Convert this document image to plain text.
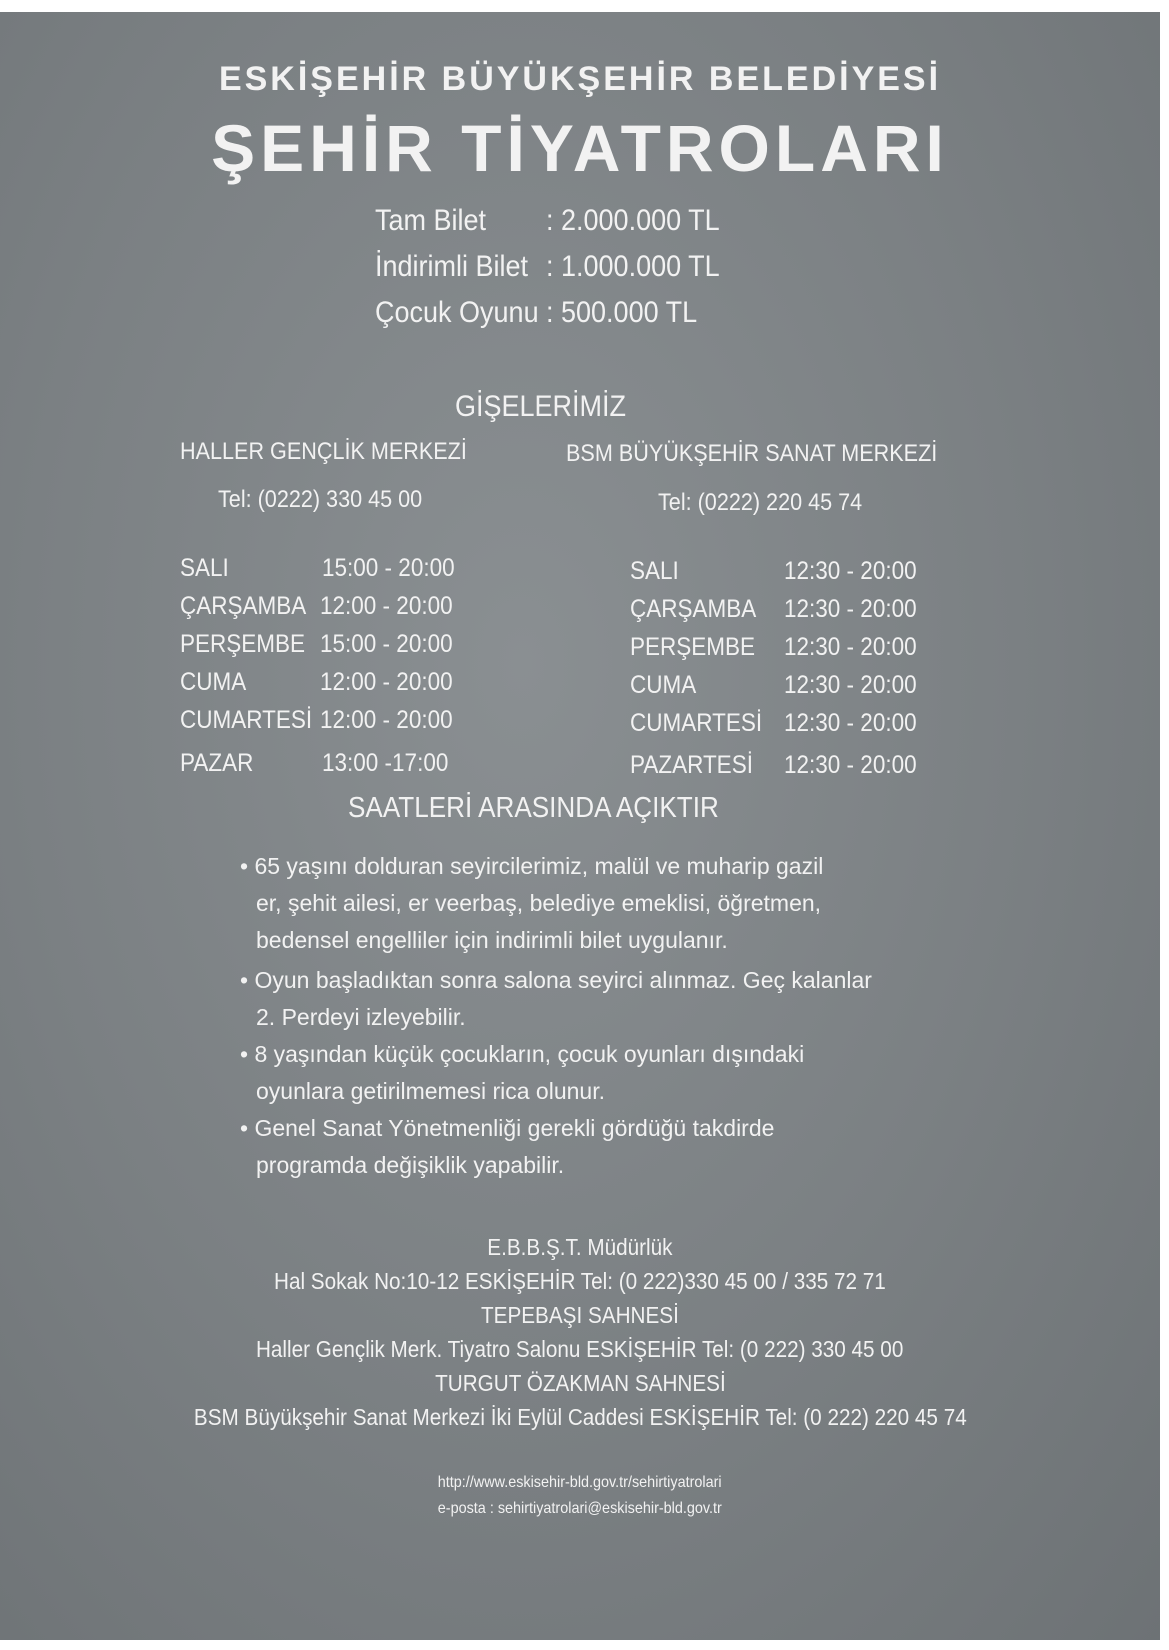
ESKİŞEHİR BÜYÜKŞEHİR BELEDİYESİ
ŞEHİR TİYATROLARI
Tam Bilet : 2.000.000 TL
İndirimli Bilet : 1.000.000 TL
Çocuk Oyunu : 500.000 TL
GİŞELERİMİZ
HALLER GENÇLİK MERKEZİ	BSM BÜYÜKŞEHİR SANAT MERKEZİ
Tel: (0222) 330 45 00	Tel: (0222) 220 45 74
SALI	15:00 - 20:00
ÇARŞAMBA 12:00 - 20:00
PERŞEMBE 15:00 - 20:00
CUMA	12:00 - 20:00
CUMARTESİ 12:00 - 20:00
PAZAR	13:00 -17:00
SALI	12:30 - 20:00
ÇARŞAMBA 12:30 - 20:00
PERŞEMBE 12:30 - 20:00
CUMA	12:30 - 20:00
CUMARTESİ 12:30 - 20:00
PAZARTESİ 12:30 - 20:00
SAATLERİ ARASINDA AÇIKTIR
• 65 yaşını dolduran seyircilerimiz, malül ve muharip gazil
er, şehit ailesi, er veerbaş, belediye emeklisi, öğretmen,
bedensel engelliler için indirimli bilet uygulanır.
• Oyun başladıktan sonra salona seyirci alınmaz. Geç kalanlar
2. Perdeyi izleyebilir.
• 8 yaşından küçük çocukların, çocuk oyunları dışındaki
oyunlara getirilmemesi rica olunur.
• Genel Sanat Yönetmenliği gerekli gördüğü takdirde
programda değişiklik yapabilir.
E.B.B.Ş.T. Müdürlük
Hal Sokak No:10-12 ESKİŞEHİR Tel: (0 222)330 45 00 / 335 72 71
TEPEBAŞI SAHNESİ
Haller Gençlik Merk. Tiyatro Salonu ESKİŞEHİR Tel: (0 222) 330 45 00
TURGUT ÖZAKMAN SAHNESİ
BSM Büyükşehir Sanat Merkezi İki Eylül Caddesi ESKİŞEHİR Tel: (0 222) 220 45 74
http://www.eskisehir-bld.gov.tr/sehirtiyatrolari
e-posta : sehirtiyatrolari@eskisehir-bld.gov.tr
